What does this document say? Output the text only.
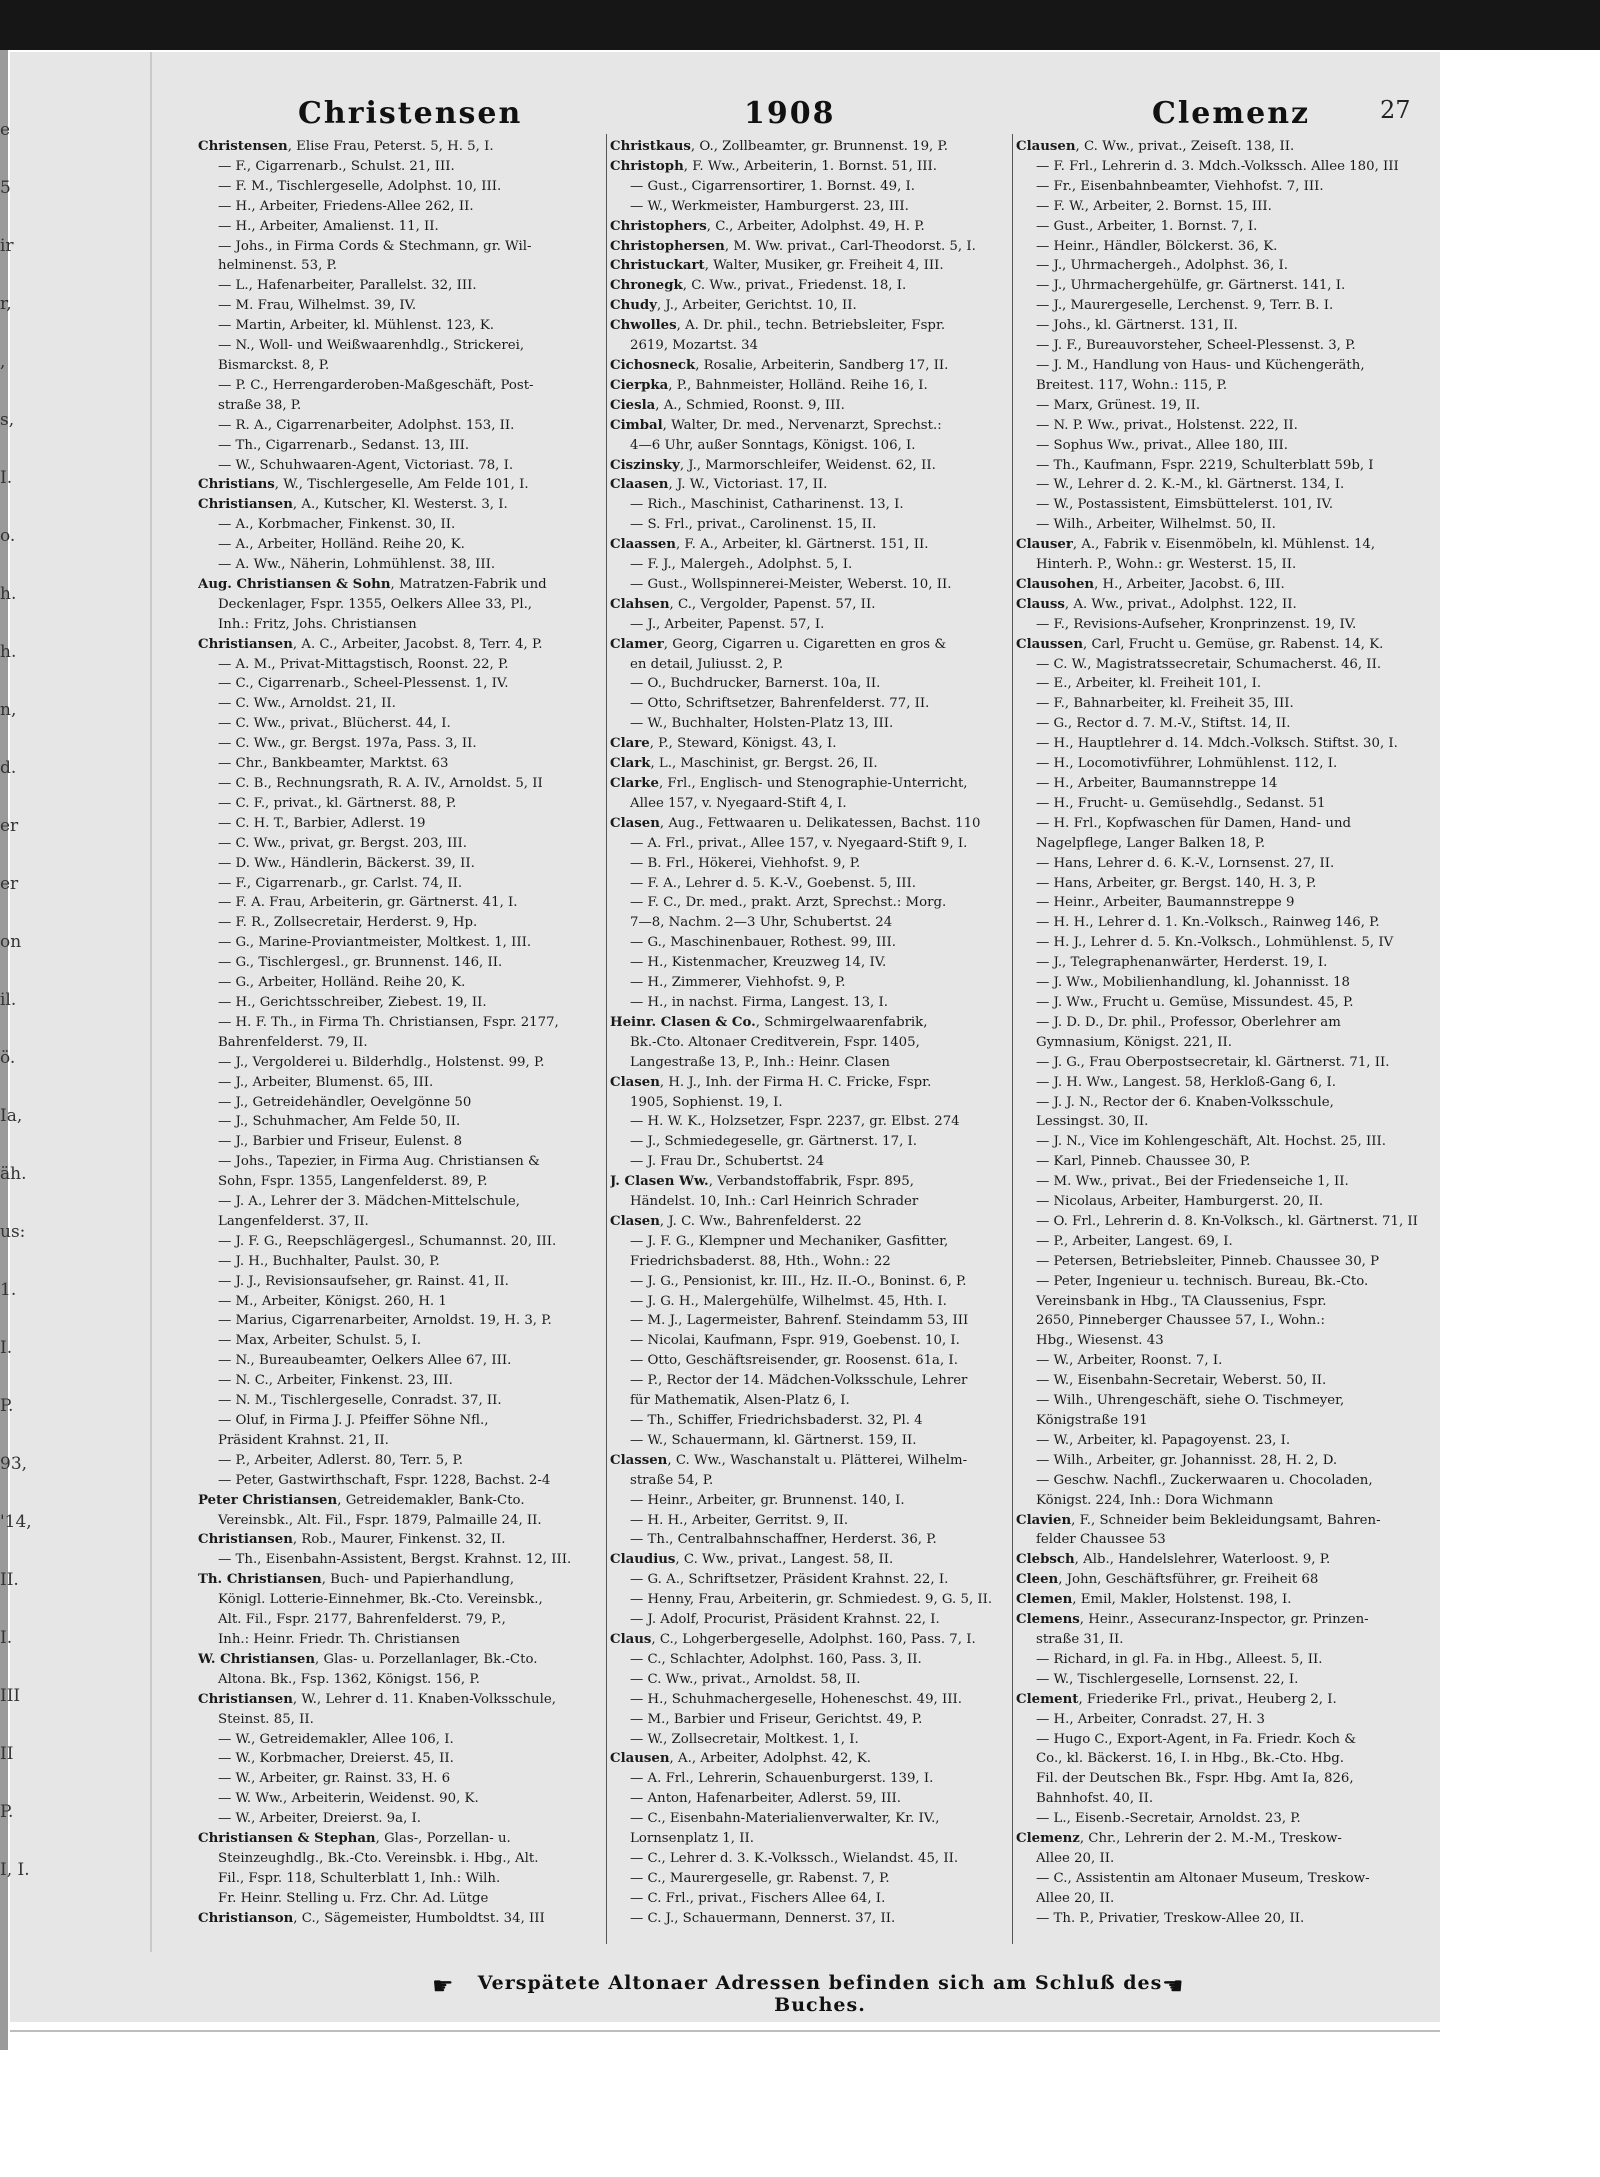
e
5
ir
r,
,
s,
I.
o.
h.
h.
n,
d.
er
er
on
il.
ö.
Ia,
äh.
us:
1.
I.
P.
93,
'14,
II.
I.
III
II
P.
I, I.
Christensen	1908	Clemenz	27
Christensen, Elise Frau, Peterst. 5, H. 5, I.
— F., Cigarrenarb., Schulst. 21, III.
— F. M., Tischlergeselle, Adolphst. 10, III.
— H., Arbeiter, Friedens-Allee 262, II.
— H., Arbeiter, Amalienst. 11, II.
— Johs., in Firma Cords & Stechmann, gr. Wil-
helminenst. 53, P.
— L., Hafenarbeiter, Parallelst. 32, III.
— M. Frau, Wilhelmst. 39, IV.
— Martin, Arbeiter, kl. Mühlenst. 123, K.
— N., Woll- und Weißwaarenhdlg., Strickerei,
Bismarckst. 8, P.
— P. C., Herrengarderoben-Maßgeschäft, Post-
straße 38, P.
— R. A., Cigarrenarbeiter, Adolphst. 153, II.
— Th., Cigarrenarb., Sedanst. 13, III.
— W., Schuhwaaren-Agent, Victoriast. 78, I.
Christians, W., Tischlergeselle, Am Felde 101, I.
Christiansen, A., Kutscher, Kl. Westerst. 3, I.
— A., Korbmacher, Finkenst. 30, II.
— A., Arbeiter, Holländ. Reihe 20, K.
— A. Ww., Näherin, Lohmühlenst. 38, III.
Aug. Christiansen & Sohn, Matratzen-Fabrik und
Deckenlager, Fspr. 1355, Oelkers Allee 33, Pl.,
Inh.: Fritz, Johs. Christiansen
Christiansen, A. C., Arbeiter, Jacobst. 8, Terr. 4, P.
— A. M., Privat-Mittagstisch, Roonst. 22, P.
— C., Cigarrenarb., Scheel-Plessenst. 1, IV.
— C. Ww., Arnoldst. 21, II.
— C. Ww., privat., Blücherst. 44, I.
— C. Ww., gr. Bergst. 197a, Pass. 3, II.
— Chr., Bankbeamter, Marktst. 63
— C. B., Rechnungsrath, R. A. IV., Arnoldst. 5, II
— C. F., privat., kl. Gärtnerst. 88, P.
— C. H. T., Barbier, Adlerst. 19
— C. Ww., privat, gr. Bergst. 203, III.
— D. Ww., Händlerin, Bäckerst. 39, II.
— F., Cigarrenarb., gr. Carlst. 74, II.
— F. A. Frau, Arbeiterin, gr. Gärtnerst. 41, I.
— F. R., Zollsecretair, Herderst. 9, Hp.
— G., Marine-Proviantmeister, Moltkest. 1, III.
— G., Tischlergesl., gr. Brunnenst. 146, II.
— G., Arbeiter, Holländ. Reihe 20, K.
— H., Gerichtsschreiber, Ziebest. 19, II.
— H. F. Th., in Firma Th. Christiansen, Fspr. 2177,
Bahrenfelderst. 79, II.
— J., Vergolderei u. Bilderhdlg., Holstenst. 99, P.
— J., Arbeiter, Blumenst. 65, III.
— J., Getreidehändler, Oevelgönne 50
— J., Schuhmacher, Am Felde 50, II.
— J., Barbier und Friseur, Eulenst. 8
— Johs., Tapezier, in Firma Aug. Christiansen &
Sohn, Fspr. 1355, Langenfelderst. 89, P.
— J. A., Lehrer der 3. Mädchen-Mittelschule,
Langenfelderst. 37, II.
— J. F. G., Reepschlägergesl., Schumannst. 20, III.
— J. H., Buchhalter, Paulst. 30, P.
— J. J., Revisionsaufseher, gr. Rainst. 41, II.
— M., Arbeiter, Königst. 260, H. 1
— Marius, Cigarrenarbeiter, Arnoldst. 19, H. 3, P.
— Max, Arbeiter, Schulst. 5, I.
— N., Bureaubeamter, Oelkers Allee 67, III.
— N. C., Arbeiter, Finkenst. 23, III.
— N. M., Tischlergeselle, Conradst. 37, II.
— Oluf, in Firma J. J. Pfeiffer Söhne Nfl.,
Präsident Krahnst. 21, II.
— P., Arbeiter, Adlerst. 80, Terr. 5, P.
— Peter, Gastwirthschaft, Fspr. 1228, Bachst. 2-4
Peter Christiansen, Getreidemakler, Bank-Cto.
Vereinsbk., Alt. Fil., Fspr. 1879, Palmaille 24, II.
Christiansen, Rob., Maurer, Finkenst. 32, II.
— Th., Eisenbahn-Assistent, Bergst. Krahnst. 12, III.
Th. Christiansen, Buch- und Papierhandlung,
Königl. Lotterie-Einnehmer, Bk.-Cto. Vereinsbk.,
Alt. Fil., Fspr. 2177, Bahrenfelderst. 79, P.,
Inh.: Heinr. Friedr. Th. Christiansen
W. Christiansen, Glas- u. Porzellanlager, Bk.-Cto.
Altona. Bk., Fsp. 1362, Königst. 156, P.
Christiansen, W., Lehrer d. 11. Knaben-Volksschule,
Steinst. 85, II.
— W., Getreidemakler, Allee 106, I.
— W., Korbmacher, Dreierst. 45, II.
— W., Arbeiter, gr. Rainst. 33, H. 6
— W. Ww., Arbeiterin, Weidenst. 90, K.
— W., Arbeiter, Dreierst. 9a, I.
Christiansen & Stephan, Glas-, Porzellan- u.
Steinzeughdlg., Bk.-Cto. Vereinsbk. i. Hbg., Alt.
Fil., Fspr. 118, Schulterblatt 1, Inh.: Wilh.
Fr. Heinr. Stelling u. Frz. Chr. Ad. Lütge
Christianson, C., Sägemeister, Humboldtst. 34, III
Christkaus, O., Zollbeamter, gr. Brunnenst. 19, P.
Christoph, F. Ww., Arbeiterin, 1. Bornst. 51, III.
— Gust., Cigarrensortirer, 1. Bornst. 49, I.
— W., Werkmeister, Hamburgerst. 23, III.
Christophers, C., Arbeiter, Adolphst. 49, H. P.
Christophersen, M. Ww. privat., Carl-Theodorst. 5, I.
Christuckart, Walter, Musiker, gr. Freiheit 4, III.
Chronegk, C. Ww., privat., Friedenst. 18, I.
Chudy, J., Arbeiter, Gerichtst. 10, II.
Chwolles, A. Dr. phil., techn. Betriebsleiter, Fspr.
2619, Mozartst. 34
Cichosneck, Rosalie, Arbeiterin, Sandberg 17, II.
Cierpka, P., Bahnmeister, Holländ. Reihe 16, I.
Ciesla, A., Schmied, Roonst. 9, III.
Cimbal, Walter, Dr. med., Nervenarzt, Sprechst.:
4—6 Uhr, außer Sonntags, Königst. 106, I.
Ciszinsky, J., Marmorschleifer, Weidenst. 62, II.
Claasen, J. W., Victoriast. 17, II.
— Rich., Maschinist, Catharinenst. 13, I.
— S. Frl., privat., Carolinenst. 15, II.
Claassen, F. A., Arbeiter, kl. Gärtnerst. 151, II.
— F. J., Malergeh., Adolphst. 5, I.
— Gust., Wollspinnerei-Meister, Weberst. 10, II.
Clahsen, C., Vergolder, Papenst. 57, II.
— J., Arbeiter, Papenst. 57, I.
Clamer, Georg, Cigarren u. Cigaretten en gros &
en detail, Juliusst. 2, P.
— O., Buchdrucker, Barnerst. 10a, II.
— Otto, Schriftsetzer, Bahrenfelderst. 77, II.
— W., Buchhalter, Holsten-Platz 13, III.
Clare, P., Steward, Königst. 43, I.
Clark, L., Maschinist, gr. Bergst. 26, II.
Clarke, Frl., Englisch- und Stenographie-Unterricht,
Allee 157, v. Nyegaard-Stift 4, I.
Clasen, Aug., Fettwaaren u. Delikatessen, Bachst. 110
— A. Frl., privat., Allee 157, v. Nyegaard-Stift 9, I.
— B. Frl., Hökerei, Viehhofst. 9, P.
— F. A., Lehrer d. 5. K.-V., Goebenst. 5, III.
— F. C., Dr. med., prakt. Arzt, Sprechst.: Morg.
7—8, Nachm. 2—3 Uhr, Schubertst. 24
— G., Maschinenbauer, Rothest. 99, III.
— H., Kistenmacher, Kreuzweg 14, IV.
— H., Zimmerer, Viehhofst. 9, P.
— H., in nachst. Firma, Langest. 13, I.
Heinr. Clasen & Co., Schmirgelwaarenfabrik,
Bk.-Cto. Altonaer Creditverein, Fspr. 1405,
Langestraße 13, P., Inh.: Heinr. Clasen
Clasen, H. J., Inh. der Firma H. C. Fricke, Fspr.
1905, Sophienst. 19, I.
— H. W. K., Holzsetzer, Fspr. 2237, gr. Elbst. 274
— J., Schmiedegeselle, gr. Gärtnerst. 17, I.
— J. Frau Dr., Schubertst. 24
J. Clasen Ww., Verbandstoffabrik, Fspr. 895,
Händelst. 10, Inh.: Carl Heinrich Schrader
Clasen, J. C. Ww., Bahrenfelderst. 22
— J. F. G., Klempner und Mechaniker, Gasfitter,
Friedrichsbaderst. 88, Hth., Wohn.: 22
— J. G., Pensionist, kr. III., Hz. II.-O., Boninst. 6, P.
— J. G. H., Malergehülfe, Wilhelmst. 45, Hth. I.
— M. J., Lagermeister, Bahrenf. Steindamm 53, III
— Nicolai, Kaufmann, Fspr. 919, Goebenst. 10, I.
— Otto, Geschäftsreisender, gr. Roosenst. 61a, I.
— P., Rector der 14. Mädchen-Volksschule, Lehrer
für Mathematik, Alsen-Platz 6, I.
— Th., Schiffer, Friedrichsbaderst. 32, Pl. 4
— W., Schauermann, kl. Gärtnerst. 159, II.
Classen, C. Ww., Waschanstalt u. Plätterei, Wilhelm-
straße 54, P.
— Heinr., Arbeiter, gr. Brunnenst. 140, I.
— H. H., Arbeiter, Gerritst. 9, II.
— Th., Centralbahnschaffner, Herderst. 36, P.
Claudius, C. Ww., privat., Langest. 58, II.
— G. A., Schriftsetzer, Präsident Krahnst. 22, I.
— Henny, Frau, Arbeiterin, gr. Schmiedest. 9, G. 5, II.
— J. Adolf, Procurist, Präsident Krahnst. 22, I.
Claus, C., Lohgerbergeselle, Adolphst. 160, Pass. 7, I.
— C., Schlachter, Adolphst. 160, Pass. 3, II.
— C. Ww., privat., Arnoldst. 58, II.
— H., Schuhmachergeselle, Hoheneschst. 49, III.
— M., Barbier und Friseur, Gerichtst. 49, P.
— W., Zollsecretair, Moltkest. 1, I.
Clausen, A., Arbeiter, Adolphst. 42, K.
— A. Frl., Lehrerin, Schauenburgerst. 139, I.
— Anton, Hafenarbeiter, Adlerst. 59, III.
— C., Eisenbahn-Materialienverwalter, Kr. IV.,
Lornsenplatz 1, II.
— C., Lehrer d. 3. K.-Volkssch., Wielandst. 45, II.
— C., Maurergeselle, gr. Rabenst. 7, P.
— C. Frl., privat., Fischers Allee 64, I.
— C. J., Schauermann, Dennerst. 37, II.
Clausen, C. Ww., privat., Zeiseſt. 138, II.
— F. Frl., Lehrerin d. 3. Mdch.-Volkssch. Allee 180, III
— Fr., Eisenbahnbeamter, Viehhofst. 7, III.
— F. W., Arbeiter, 2. Bornst. 15, III.
— Gust., Arbeiter, 1. Bornst. 7, I.
— Heinr., Händler, Bölckerst. 36, K.
— J., Uhrmachergeh., Adolphst. 36, I.
— J., Uhrmachergehülfe, gr. Gärtnerst. 141, I.
— J., Maurergeselle, Lerchenst. 9, Terr. B. I.
— Johs., kl. Gärtnerst. 131, II.
— J. F., Bureauvorsteher, Scheel-Plessenst. 3, P.
— J. M., Handlung von Haus- und Küchengeräth,
Breitest. 117, Wohn.: 115, P.
— Marx, Grünest. 19, II.
— N. P. Ww., privat., Holstenst. 222, II.
— Sophus Ww., privat., Allee 180, III.
— Th., Kaufmann, Fspr. 2219, Schulterblatt 59b, I
— W., Lehrer d. 2. K.-M., kl. Gärtnerst. 134, I.
— W., Postassistent, Eimsbüttelerst. 101, IV.
— Wilh., Arbeiter, Wilhelmst. 50, II.
Clauser, A., Fabrik v. Eisenmöbeln, kl. Mühlenst. 14,
Hinterh. P., Wohn.: gr. Westerst. 15, II.
Clausohen, H., Arbeiter, Jacobst. 6, III.
Clauss, A. Ww., privat., Adolphst. 122, II.
— F., Revisions-Aufseher, Kronprinzenst. 19, IV.
Claussen, Carl, Frucht u. Gemüse, gr. Rabenst. 14, K.
— C. W., Magistratssecretair, Schumacherst. 46, II.
— E., Arbeiter, kl. Freiheit 101, I.
— F., Bahnarbeiter, kl. Freiheit 35, III.
— G., Rector d. 7. M.-V., Stiftst. 14, II.
— H., Hauptlehrer d. 14. Mdch.-Volksch. Stiftst. 30, I.
— H., Locomotivführer, Lohmühlenst. 112, I.
— H., Arbeiter, Baumannstreppe 14
— H., Frucht- u. Gemüsehdlg., Sedanst. 51
— H. Frl., Kopfwaschen für Damen, Hand- und
Nagelpflege, Langer Balken 18, P.
— Hans, Lehrer d. 6. K.-V., Lornsenst. 27, II.
— Hans, Arbeiter, gr. Bergst. 140, H. 3, P.
— Heinr., Arbeiter, Baumannstreppe 9
— H. H., Lehrer d. 1. Kn.-Volksch., Rainweg 146, P.
— H. J., Lehrer d. 5. Kn.-Volksch., Lohmühlenst. 5, IV
— J., Telegraphenanwärter, Herderst. 19, I.
— J. Ww., Mobilienhandlung, kl. Johannisst. 18
— J. Ww., Frucht u. Gemüse, Missundest. 45, P.
— J. D. D., Dr. phil., Professor, Oberlehrer am
Gymnasium, Königst. 221, II.
— J. G., Frau Oberpostsecretair, kl. Gärtnerst. 71, II.
— J. H. Ww., Langest. 58, Herkloß-Gang 6, I.
— J. J. N., Rector der 6. Knaben-Volksschule,
Lessingst. 30, II.
— J. N., Vice im Kohlengeschäft, Alt. Hochst. 25, III.
— Karl, Pinneb. Chaussee 30, P.
— M. Ww., privat., Bei der Friedenseiche 1, II.
— Nicolaus, Arbeiter, Hamburgerst. 20, II.
— O. Frl., Lehrerin d. 8. Kn-Volksch., kl. Gärtnerst. 71, II
— P., Arbeiter, Langest. 69, I.
— Petersen, Betriebsleiter, Pinneb. Chaussee 30, P
— Peter, Ingenieur u. technisch. Bureau, Bk.-Cto.
Vereinsbank in Hbg., TA Claussenius, Fspr.
2650, Pinneberger Chaussee 57, I., Wohn.:
Hbg., Wiesenst. 43
— W., Arbeiter, Roonst. 7, I.
— W., Eisenbahn-Secretair, Weberst. 50, II.
— Wilh., Uhrengeschäft, siehe O. Tischmeyer,
Königstraße 191
— W., Arbeiter, kl. Papagoyenst. 23, I.
— Wilh., Arbeiter, gr. Johannisst. 28, H. 2, D.
— Geschw. Nachfl., Zuckerwaaren u. Chocoladen,
Königst. 224, Inh.: Dora Wichmann
Clavien, F., Schneider beim Bekleidungsamt, Bahren-
felder Chaussee 53
Clebsch, Alb., Handelslehrer, Waterloost. 9, P.
Cleen, John, Geschäftsführer, gr. Freiheit 68
Clemen, Emil, Makler, Holstenst. 198, I.
Clemens, Heinr., Assecuranz-Inspector, gr. Prinzen-
straße 31, II.
— Richard, in gl. Fa. in Hbg., Alleest. 5, II.
— W., Tischlergeselle, Lornsenst. 22, I.
Clement, Friederike Frl., privat., Heuberg 2, I.
— H., Arbeiter, Conradst. 27, H. 3
— Hugo C., Export-Agent, in Fa. Friedr. Koch &
Co., kl. Bäckerst. 16, I. in Hbg., Bk.-Cto. Hbg.
Fil. der Deutschen Bk., Fspr. Hbg. Amt Ia, 826,
Bahnhofst. 40, II.
— L., Eisenb.-Secretair, Arnoldst. 23, P.
Clemenz, Chr., Lehrerin der 2. M.-M., Treskow-
Allee 20, II.
— C., Assistentin am Altonaer Museum, Treskow-
Allee 20, II.
— Th. P., Privatier, Treskow-Allee 20, II.
☛	Verspätete Altonaer Adressen befinden sich am Schluß des Buches.
☚
